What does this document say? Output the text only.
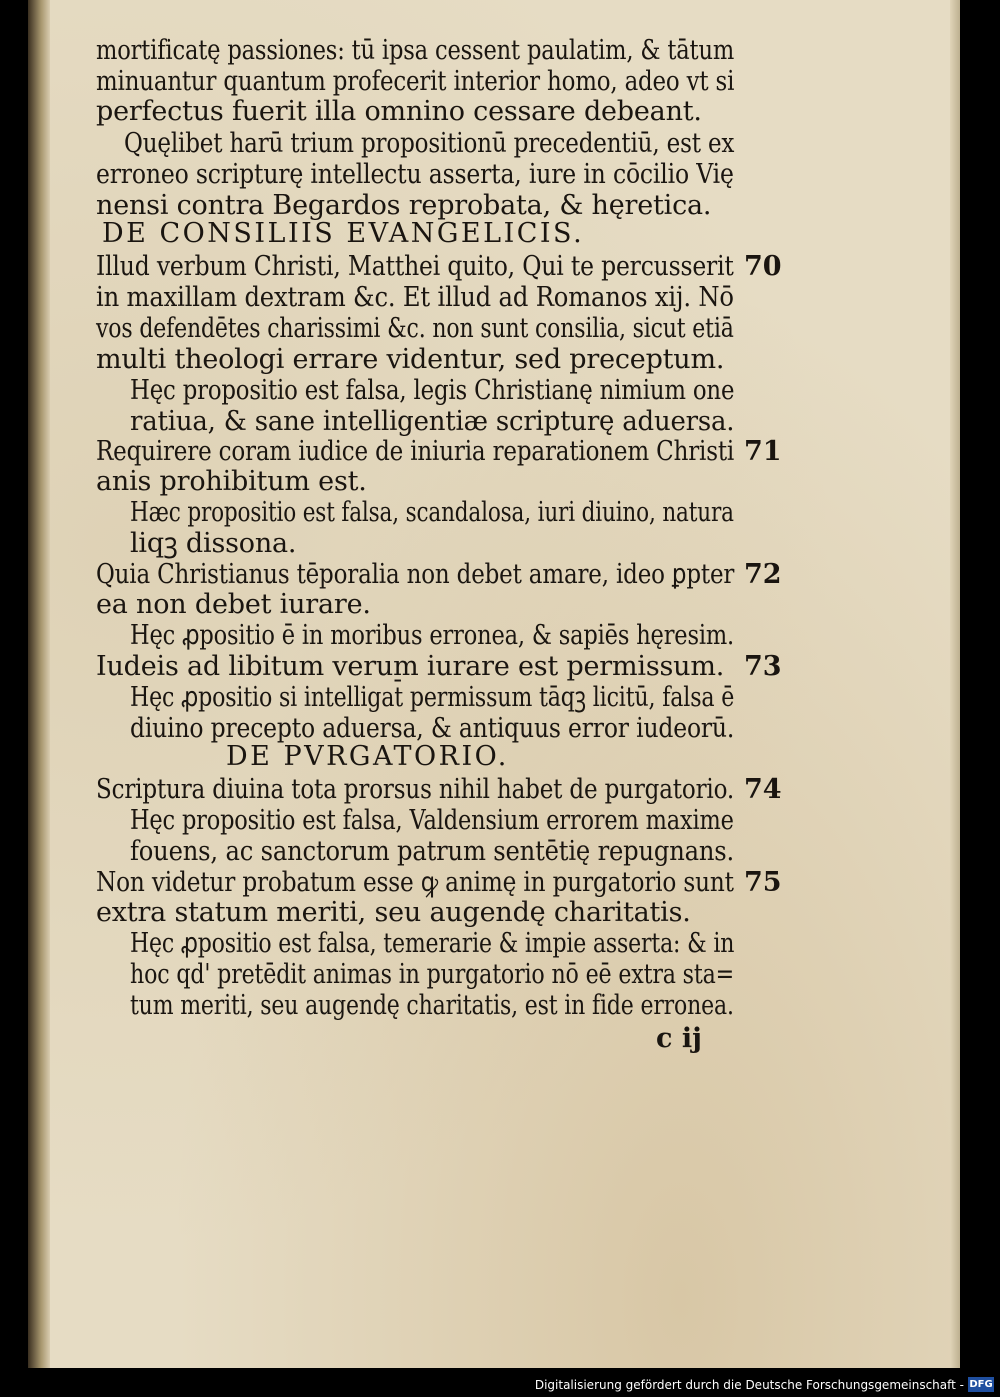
mortificatę passiones: tū ipsa cessent paulatim, & tātum
minuantur quantum profecerit interior homo, adeo vt si
perfectus fuerit illa omnino cessare debeant.
Quęlibet harū trium propositionū precedentiū, est ex
erroneo scripturę intellectu asserta, iure in cōcilio Vię
nensi contra Begardos reprobata, & hęretica.
DE CONSILIIS EVANGELICIS.
Illud verbum Christi, Matthei quito, Qui te percusserit 70
in maxillam dextram &c. Et illud ad Romanos xij. Nō
vos defendētes charissimi &c. non sunt consilia, sicut etiā
multi theologi errare videntur, sed preceptum.
Hęc propositio est falsa, legis Christianę nimium one
ratiua, & sane intelligentiæ scripturę aduersa.
Requirere coram iudice de iniuria reparationem Christi 71
anis prohibitum est.
Hæc propositio est falsa, scandalosa, iuri diuino, natura
liqꝫ dissona.
Quia Christianus tēporalia non debet amare, ideo ꝑpter 72
ea non debet iurare.
Hęc ꝓpositio ē in moribus erronea, & sapiēs hęresim.
Iudeis ad libitum verum iurare est permissum. 73
Hęc ꝓpositio si intelligat̄ permissum tāqꝫ licitū, falsa ē
diuino precepto aduersa, & antiquus error iudeorū.
DE PVRGATORIO.
Scriptura diuina tota prorsus nihil habet de purgatorio. 74
Hęc propositio est falsa, Valdensium errorem maxime
fouens, ac sanctorum patrum sentētię repugnans.
Non videtur probatum esse ꝙ animę in purgatorio sunt 75
extra statum meriti, seu augendę charitatis.
Hęc ꝓpositio est falsa, temerarie & impie asserta: & in
hoc qd' pretēdit animas in purgatorio nō eē extra sta=
tum meriti, seu augendę charitatis, est in fide erronea.
c ij
Digitalisierung gefördert durch die Deutsche Forschungsgemeinschaft - DFG
